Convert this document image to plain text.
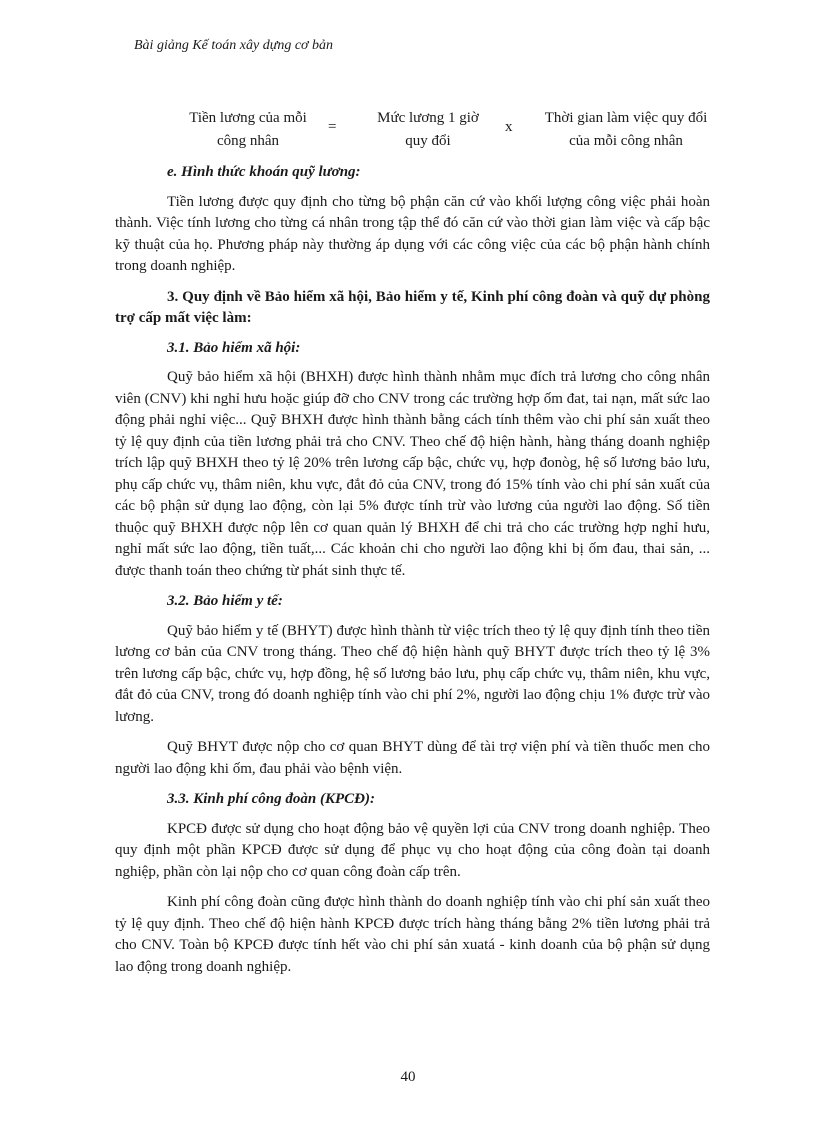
Bài giảng Kế toán xây dựng cơ bản
Tiền lương của mỗi
công nhân
=
Mức lương 1 giờ
quy đổi
x
Thời gian làm việc quy đổi
của mỗi công nhân

e. Hình thức khoán quỹ lương:

Tiền lương được quy định cho từng bộ phận căn cứ vào khối lượng công việc phải hoàn thành. Việc tính lương cho từng cá nhân trong tập thể đó căn cứ vào thời gian làm việc và cấp bậc kỹ thuật của họ. Phương pháp này thường áp dụng với các công việc của các bộ phận hành chính trong doanh nghiệp.

3. Quy định về Bảo hiểm xã hội, Bảo hiểm y tế, Kinh phí công đoàn và quỹ dự phòng trợ cấp mất việc làm:

3.1. Bảo hiểm xã hội:

Quỹ bảo hiểm xã hội (BHXH) được hình thành nhằm mục đích trả lương cho công nhân viên (CNV) khi nghỉ hưu hoặc giúp đỡ cho CNV trong các trường hợp ốm đat, tai nạn, mất sức lao động phải nghỉ việc... Quỹ BHXH được hình thành bằng cách tính thêm vào chi phí sản xuất theo tỷ lệ quy định của tiền lương phải trả cho CNV. Theo chế độ hiện hành, hàng tháng doanh nghiệp trích lập quỹ BHXH theo tỷ lệ 20% trên lương cấp bậc, chức vụ, hợp đonòg, hệ số lương bảo lưu, phụ cấp chức vụ, thâm niên, khu vực, đắt đỏ của CNV, trong đó 15% tính vào chi phí sản xuất của các bộ phận sử dụng lao động, còn lại 5% được tính trừ vào lương của người lao động. Số tiền thuộc quỹ BHXH được nộp lên cơ quan quản lý BHXH để chi trả cho các trường hợp nghỉ hưu, nghỉ mất sức lao động, tiền tuất,... Các khoản chi cho người lao động khi bị ốm đau, thai sản, ... được thanh toán theo chứng từ phát sinh thực tế.

3.2. Bảo hiểm y tế:

Quỹ bảo hiểm y tế (BHYT) được hình thành từ việc trích theo tỷ lệ quy định tính theo tiền lương cơ bản của CNV trong tháng. Theo chế độ hiện hành quỹ BHYT được trích theo tỷ lệ 3% trên lương cấp bậc, chức vụ, hợp đồng, hệ số lương bảo lưu, phụ cấp chức vụ, thâm niên, khu vực, đắt đỏ của CNV, trong đó doanh nghiệp tính vào chi phí 2%, người lao động chịu 1% được trừ vào lương.

Quỹ BHYT được nộp cho cơ quan BHYT dùng để tài trợ viện phí và tiền thuốc men cho người lao động khi ốm, đau phải vào bệnh viện.

3.3. Kinh phí công đoàn (KPCĐ):

KPCĐ được sử dụng cho hoạt động bảo vệ quyền lợi của CNV trong doanh nghiệp. Theo quy định một phần KPCĐ được sử dụng để phục vụ cho hoạt động của công đoàn tại doanh nghiệp, phần còn lại nộp cho cơ quan công đoàn cấp trên.

Kinh phí công đoàn cũng được hình thành do doanh nghiệp tính vào chi phí sản xuất theo tỷ lệ quy định. Theo chế độ hiện hành KPCĐ được trích hàng tháng bằng 2% tiền lương phải trả cho CNV. Toàn bộ KPCĐ được tính hết vào chi phí sản xuatá - kinh doanh của bộ phận sử dụng lao động trong doanh nghiệp.

40
